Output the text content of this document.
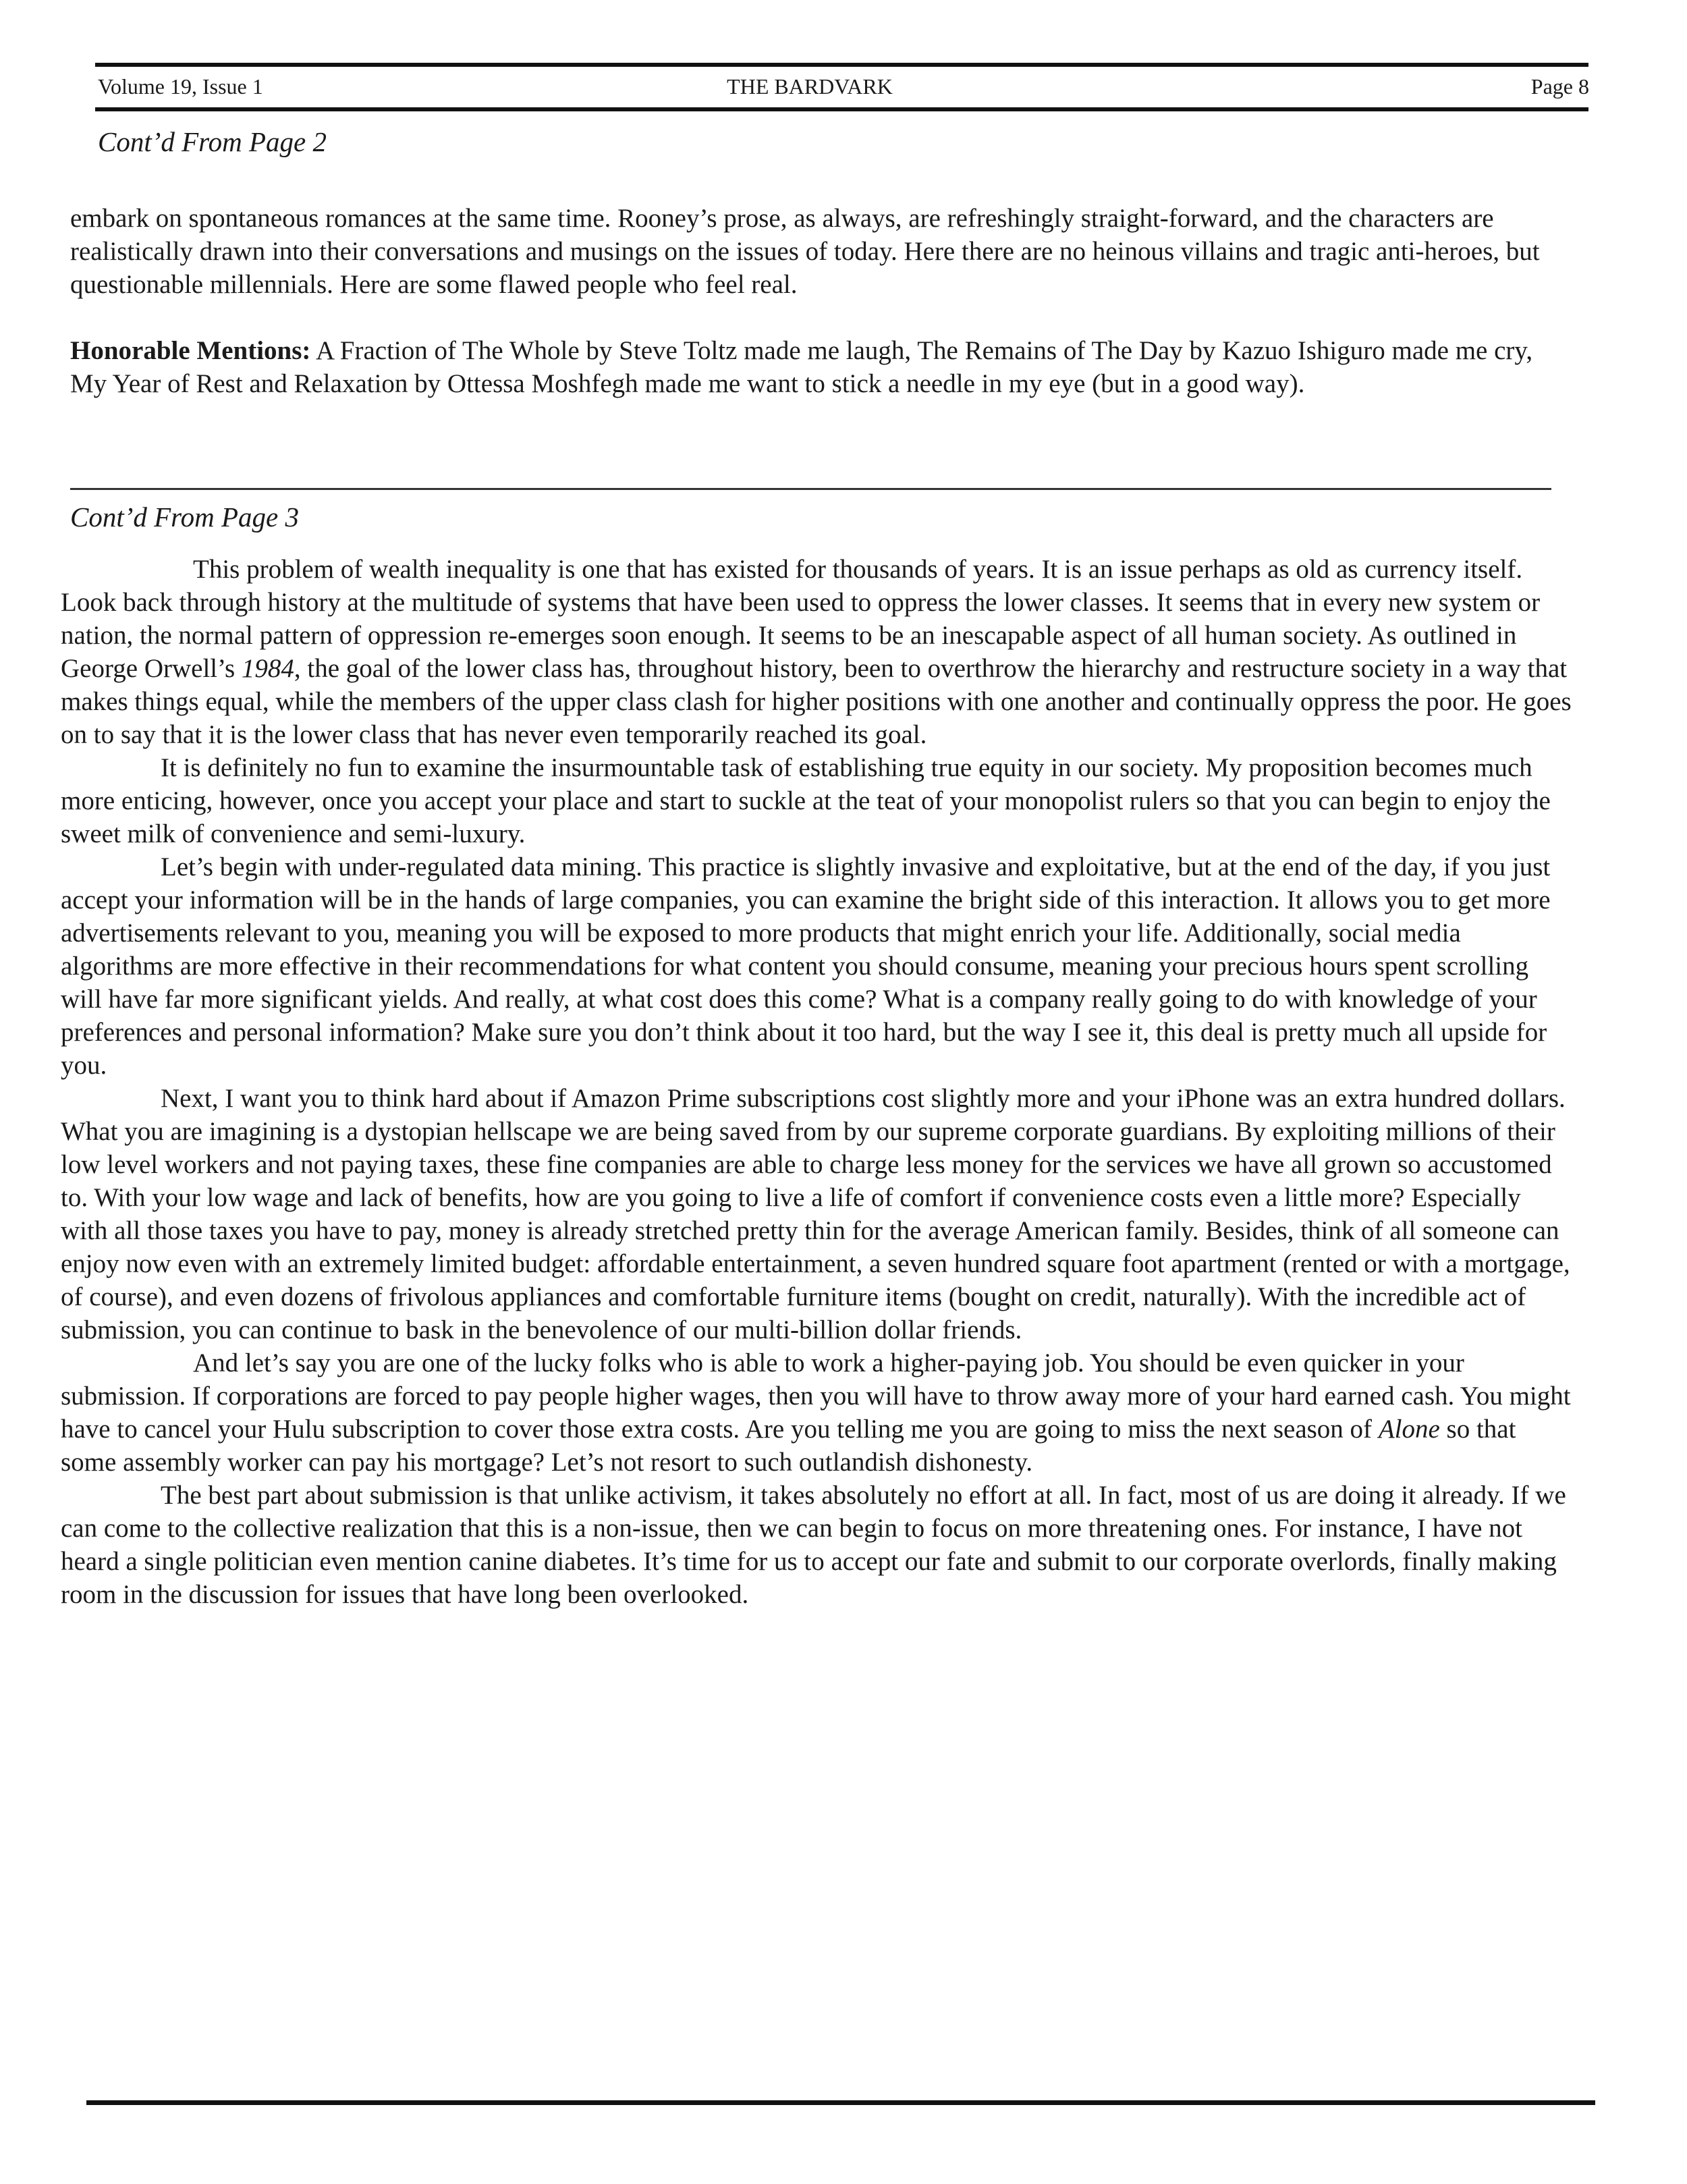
Volume 19, Issue 1	THE BARDVARK	Page 8
Cont’d From Page 2

embark on spontaneous romances at the same time. Rooney’s prose, as always, are refreshingly straight-forward, and the characters are realistically drawn into their conversations and musings on the issues of today. Here there are no heinous villains and tragic anti-heroes, but questionable millennials. Here are some flawed people who feel real.

Honorable Mentions: A Fraction of The Whole by Steve Toltz made me laugh, The Remains of The Day by Kazuo Ishiguro made me cry, My Year of Rest and Relaxation by Ottessa Moshfegh made me want to stick a needle in my eye (but in a good way).

Cont’d From Page 3

This problem of wealth inequality is one that has existed for thousands of years. It is an issue perhaps as old as currency itself. Look back through history at the multitude of systems that have been used to oppress the lower classes. It seems that in every new system or nation, the normal pattern of oppression re-emerges soon enough. It seems to be an inescapable aspect of all human society. As outlined in George Orwell’s 1984, the goal of the lower class has, throughout history, been to overthrow the hierarchy and restructure society in a way that makes things equal, while the members of the upper class clash for higher positions with one another and continually oppress the poor. He goes on to say that it is the lower class that has never even temporarily reached its goal.

It is definitely no fun to examine the insurmountable task of establishing true equity in our society. My proposition becomes much more enticing, however, once you accept your place and start to suckle at the teat of your monopolist rulers so that you can begin to enjoy the sweet milk of convenience and semi-luxury.

Let’s begin with under-regulated data mining. This practice is slightly invasive and exploitative, but at the end of the day, if you just accept your information will be in the hands of large companies, you can examine the bright side of this interaction. It allows you to get more advertisements relevant to you, meaning you will be exposed to more products that might enrich your life. Additionally, social media algorithms are more effective in their recommendations for what content you should consume, meaning your precious hours spent scrolling will have far more significant yields. And really, at what cost does this come? What is a company really going to do with knowledge of your preferences and personal information? Make sure you don’t think about it too hard, but the way I see it, this deal is pretty much all upside for you.

Next, I want you to think hard about if Amazon Prime subscriptions cost slightly more and your iPhone was an extra hundred dollars. What you are imagining is a dystopian hellscape we are being saved from by our supreme corporate guardians. By exploiting millions of their low level workers and not paying taxes, these fine companies are able to charge less money for the services we have all grown so accustomed to. With your low wage and lack of benefits, how are you going to live a life of comfort if convenience costs even a little more? Especially with all those taxes you have to pay, money is already stretched pretty thin for the average American family. Besides, think of all someone can enjoy now even with an extremely limited budget: affordable entertainment, a seven hundred square foot apartment (rented or with a mortgage, of course), and even dozens of frivolous appliances and comfortable furniture items (bought on credit, naturally). With the incredible act of submission, you can continue to bask in the benevolence of our multi-billion dollar friends.

And let’s say you are one of the lucky folks who is able to work a higher-paying job. You should be even quicker in your submission. If corporations are forced to pay people higher wages, then you will have to throw away more of your hard earned cash. You might have to cancel your Hulu subscription to cover those extra costs. Are you telling me you are going to miss the next season of Alone so that some assembly worker can pay his mortgage? Let’s not resort to such outlandish dishonesty.

The best part about submission is that unlike activism, it takes absolutely no effort at all. In fact, most of us are doing it already. If we can come to the collective realization that this is a non-issue, then we can begin to focus on more threatening ones. For instance, I have not heard a single politician even mention canine diabetes. It’s time for us to accept our fate and submit to our corporate overlords, finally making room in the discussion for issues that have long been overlooked.
